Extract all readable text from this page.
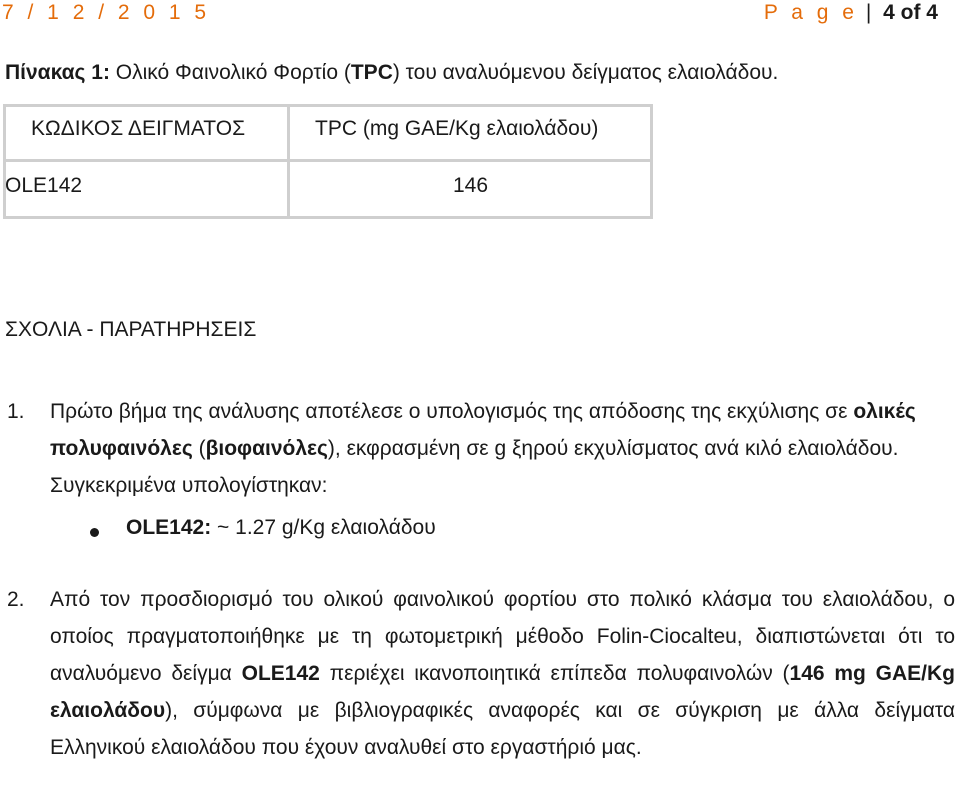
7 / 1 2 / 2 0 1 5	P a g e | 4 of 4
Πίνακας 1: Ολικό Φαινολικό Φορτίο (TPC) του αναλυόμενου δείγματος ελαιολάδου.
ΚΩΔΙΚΟΣ ΔΕΙΓΜΑΤΟΣ	TPC (mg GAE/Kg ελαιολάδου)
OLE142	146
ΣΧΟΛΙΑ - ΠΑΡΑΤΗΡΗΣΕΙΣ
1. Πρώτο βήμα της ανάλυσης αποτέλεσε ο υπολογισμός της απόδοσης της εκχύλισης σε ολικές πολυφαινόλες (βιοφαινόλες), εκφρασμένη σε g ξηρού εκχυλίσματος ανά κιλό ελαιολάδου. Συγκεκριμένα υπολογίστηκαν:
OLE142: ~ 1.27 g/Kg ελαιολάδου
2. Από τον προσδιορισμό του ολικού φαινολικού φορτίου στο πολικό κλάσμα του ελαιολάδου, ο οποίος πραγματοποιήθηκε με τη φωτομετρική μέθοδο Folin-Ciocalteu, διαπιστώνεται ότι το αναλυόμενο δείγμα OLE142 περιέχει ικανοποιητικά επίπεδα πολυφαινολών (146 mg GAE/Kg ελαιολάδου), σύμφωνα με βιβλιογραφικές αναφορές και σε σύγκριση με άλλα δείγματα Ελληνικού ελαιολάδου που έχουν αναλυθεί στο εργαστήριό μας.
